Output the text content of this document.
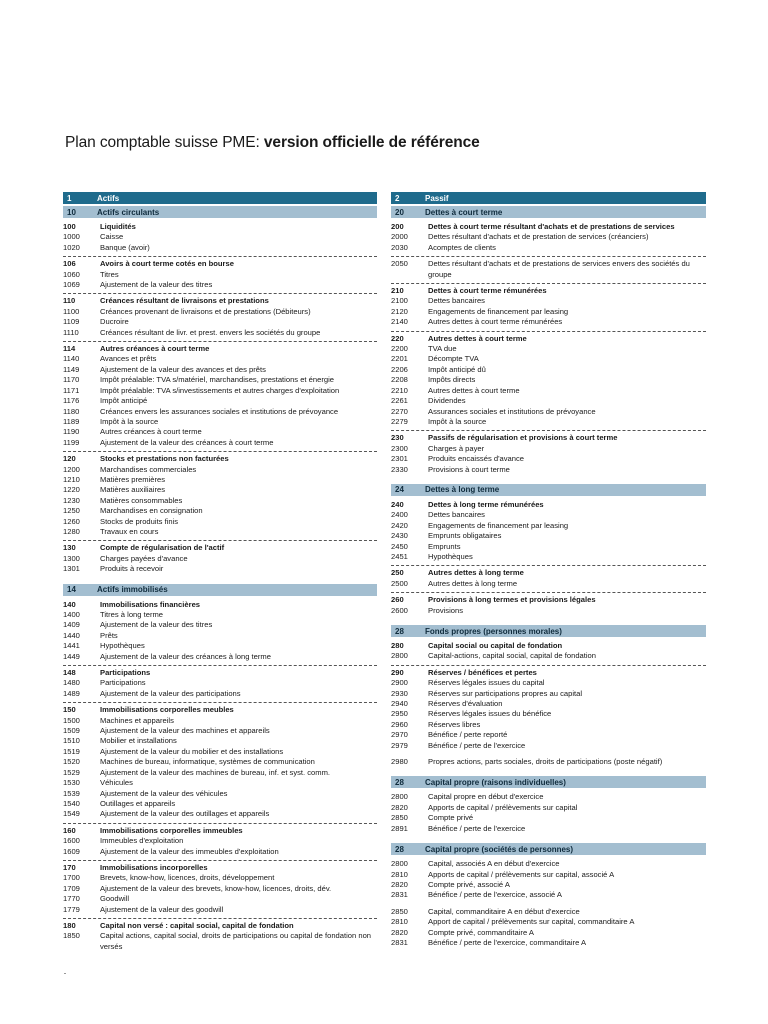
Plan comptable suisse PME: version officielle de référence
1	Actifs
10	Actifs circulants
100	Liquidités
1000	Caisse
1020	Banque (avoir)
106	Avoirs à court terme cotés en bourse
1060	Titres
1069	Ajustement de la valeur des titres
110	Créances résultant de livraisons et prestations
1100	Créances provenant de livraisons et de prestations (Débiteurs)
1109	Ducroire
1110	Créances résultant de livr. et prest. envers les sociétés du groupe
114	Autres créances à court terme
1140	Avances et prêts
1149	Ajustement de la valeur des avances et des prêts
1170	Impôt préalable: TVA s/matériel, marchandises, prestations et énergie
1171	Impôt préalable: TVA s/investissements et autres charges d'exploitation
1176	Impôt anticipé
1180	Créances envers les assurances sociales et institutions de prévoyance
1189	Impôt à la source
1190	Autres créances à court terme
1199	Ajustement de la valeur des créances à court terme
120	Stocks et prestations non facturées
1200	Marchandises commerciales
1210	Matières premières
1220	Matières auxiliaires
1230	Matières consommables
1250	Marchandises en consignation
1260	Stocks de produits finis
1280	Travaux en cours
130	Compte de régularisation de l'actif
1300	Charges payées d'avance
1301	Produits à recevoir
14	Actifs immobilisés
140	Immobilisations financières
1400	Titres à long terme
1409	Ajustement de la valeur des titres
1440	Prêts
1441	Hypothèques
1449	Ajustement de la valeur des créances à long terme
148	Participations
1480	Participations
1489	Ajustement de la valeur des participations
150	Immobilisations corporelles meubles
1500	Machines et appareils
1509	Ajustement de la valeur des machines et appareils
1510	Mobilier et installations
1519	Ajustement de la valeur du mobilier et des installations
1520	Machines de bureau, informatique, systèmes de communication
1529	Ajustement de la valeur des machines de bureau, inf. et syst. comm.
1530	Véhicules
1539	Ajustement de la valeur des véhicules
1540	Outillages et appareils
1549	Ajustement de la valeur des outillages et appareils
160	Immobilisations corporelles immeubles
1600	Immeubles d'exploitation
1609	Ajustement de la valeur des immeubles d'exploitation
170	Immobilisations incorporelles
1700	Brevets, know-how, licences, droits, développement
1709	Ajustement de la valeur des brevets, know-how, licences, droits, dév.
1770	Goodwill
1779	Ajustement de la valeur des goodwill
180	Capital non versé : capital social, capital de fondation
1850	Capital actions, capital social, droits de participations ou capital de fondation non versés
2	Passif
20	Dettes à court terme
200	Dettes à court terme résultant d'achats et de prestations de services
2000	Dettes résultant d'achats et de prestation de services (créanciers)
2030	Acomptes de clients
2050	Dettes résultant d'achats et de prestations de services envers des sociétés du groupe
210	Dettes à court terme rémunérées
2100	Dettes bancaires
2120	Engagements de financement par leasing
2140	Autres dettes à court terme rémunérées
220	Autres dettes à court terme
2200	TVA due
2201	Décompte TVA
2206	Impôt anticipé dû
2208	Impôts directs
2210	Autres dettes à court terme
2261	Dividendes
2270	Assurances sociales et institutions de prévoyance
2279	Impôt à la source
230	Passifs de régularisation et provisions à court terme
2300	Charges à payer
2301	Produits encaissés d'avance
2330	Provisions à court terme
24	Dettes à long terme
240	Dettes à long terme rémunérées
2400	Dettes bancaires
2420	Engagements de financement par leasing
2430	Emprunts obligataires
2450	Emprunts
2451	Hypothèques
250	Autres dettes à long terme
2500	Autres dettes à long terme
260	Provisions à long termes et provisions légales
2600	Provisions
28	Fonds propres (personnes morales)
280	Capital social ou capital de fondation
2800	Capital-actions, capital social, capital de fondation
290	Réserves / bénéfices et pertes
2900	Réserves légales issues du capital
2930	Réserves sur participations propres au capital
2940	Réserves d'évaluation
2950	Réserves légales issues du bénéfice
2960	Réserves libres
2970	Bénéfice / perte reporté
2979	Bénéfice / perte de l'exercice
2980	Propres actions, parts sociales, droits de participations (poste négatif)
28	Capital propre (raisons individuelles)
2800	Capital propre en début d'exercice
2820	Apports de capital / prélèvements sur capital
2850	Compte privé
2891	Bénéfice / perte de l'exercice
28	Capital propre (sociétés de personnes)
2800	Capital, associés A en début d'exercice
2810	Apports de capital / prélèvements sur capital, associé A
2820	Compte privé, associé A
2831	Bénéfice / perte de l'exercice, associé A
2850	Capital, commanditaire A en début d'exercice
2810	Apport de capital / prélèvements sur capital, commanditaire A
2820	Compte privé, commanditaire A
2831	Bénéfice / perte de l'exercice, commanditaire A
